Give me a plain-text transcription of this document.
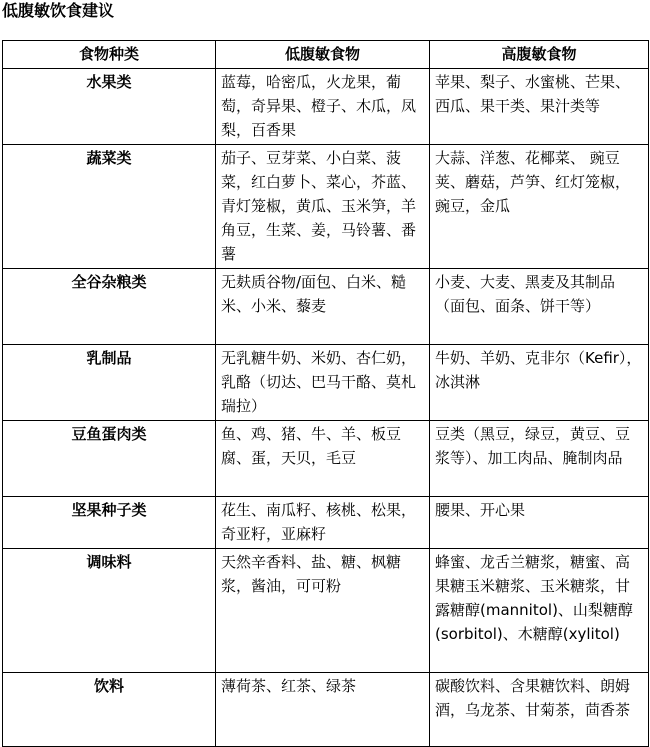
低腹敏饮食建议
食物种类	低腹敏食物	高腹敏食物
水果类	蓝莓，哈密瓜，火龙果，葡萄，奇异果、橙子、木瓜，凤梨，百香果	苹果、梨子、水蜜桃、芒果、 西瓜、果干类、果汁类等
蔬菜类	茄子、豆芽菜、小白菜、菠菜，红白萝卜、菜心，芥蓝、青灯笼椒，黄瓜、玉米笋，羊角豆，生菜、姜，马铃薯、番薯	大蒜、洋葱、花椰菜、 豌豆荚、蘑菇，芦笋、红灯笼椒，豌豆，金瓜
全谷杂粮类	无麸质谷物/面包、白米、糙米、小米、藜麦	小麦、大麦、黑麦及其制品（面包、面条、饼干等）
乳制品	无乳糖牛奶、米奶、杏仁奶，乳酪（切达、巴马干酪、莫札瑞拉）	牛奶、羊奶、克非尔（Kefir），冰淇淋
豆鱼蛋肉类	鱼、鸡、猪、牛、羊、板豆腐、蛋，天贝，毛豆	豆类（黑豆，绿豆，黄豆、豆浆等）、加工肉品、腌制肉品
坚果种子类	花生、南瓜籽、核桃、松果，奇亚籽，亚麻籽	腰果、开心果
调味料	天然辛香料、盐、糖、枫糖浆，酱油，可可粉	蜂蜜、龙舌兰糖浆，糖蜜、高果糖玉米糖浆、玉米糖浆，甘露糖醇(mannitol)、山梨糖醇(sorbitol)、木糖醇(xylitol)
饮料	薄荷茶、红茶、绿茶	碳酸饮料、含果糖饮料、朗姆酒，乌龙茶、甘菊茶，茴香茶
